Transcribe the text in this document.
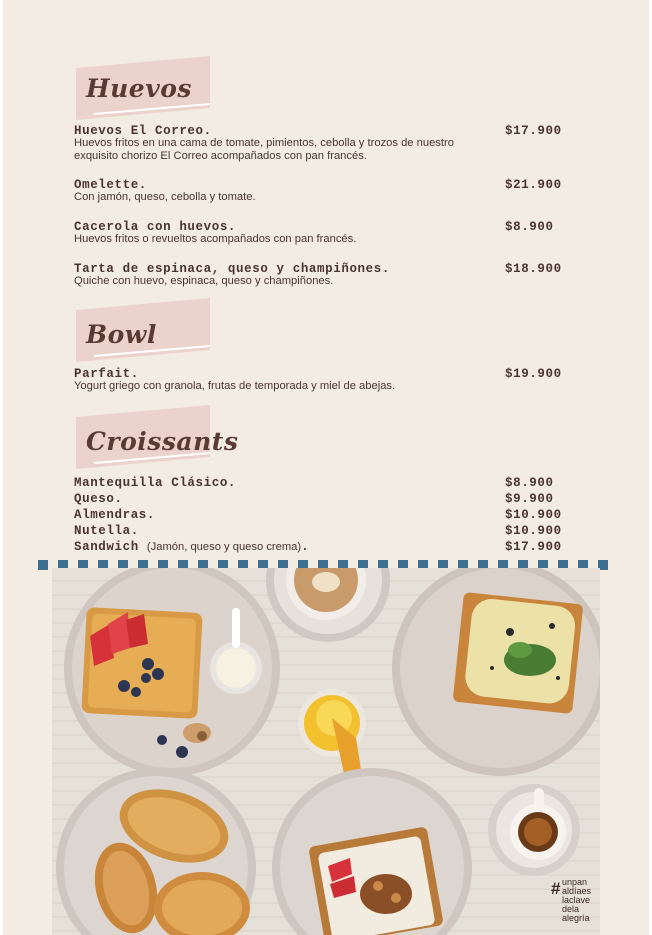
Huevos
Huevos El Correo.	$17.900
Huevos fritos en una cama de tomate, pimientos, cebolla y trozos de nuestro exquisito chorizo El Correo acompañados con pan francés.
Omelette.	$21.900
Con jamón, queso, cebolla y tomate.
Cacerola con huevos.	$8.900
Huevos fritos o revueltos acompañados con pan francés.
Tarta de espinaca, queso y champiñones.	$18.900
Quiche con huevo, espinaca, queso y champiñones.
Bowl
Parfait.	$19.900
Yogurt griego con granola, frutas de temporada y miel de abejas.
Croissants
Mantequilla Clásico.	$8.900
Queso.	$9.900
Almendras.	$10.900
Nutella.	$10.900
Sandwich (Jamón, queso y queso crema).	$17.900
# unpan
aldíaes
laclave
dela
alegría
